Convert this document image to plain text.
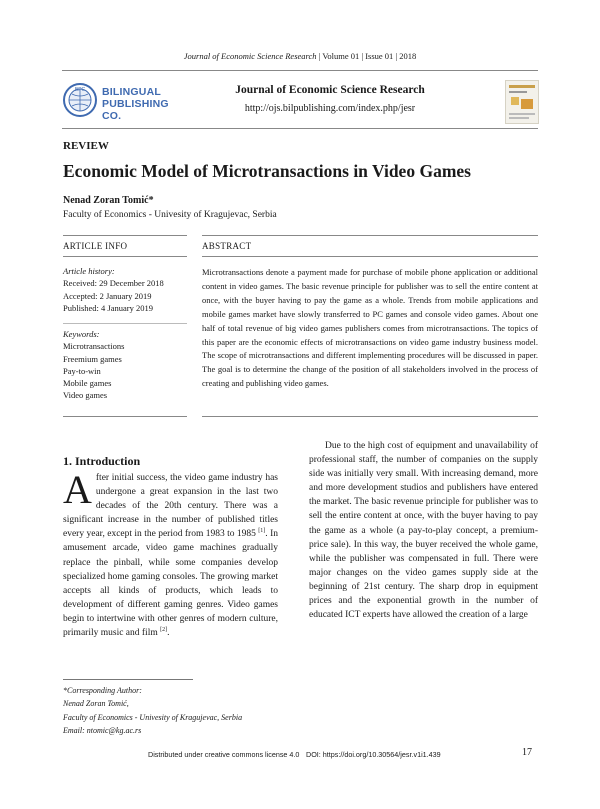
Journal of Economic Science Research | Volume 01 | Issue 01 | 2018
BPC BILINGUAL
PUBLISHING CO.
Journal of Economic Science Research
http://ojs.bilpublishing.com/index.php/jesr
REVIEW
Economic Model of Microtransactions in Video Games
Nenad Zoran Tomić*
Faculty of Economics - Univesity of Kragujevac, Serbia
ARTICLE INFO	ABSTRACT
Article history:
Received: 29 December 2018
Accepted: 2 January 2019
Published: 4 January 2019
Keywords:
Microtransactions
Freemium games
Pay-to-win
Mobile games
Video games
Microtransactions denote a payment made for purchase of mobile phone application or additional content in video games. The basic revenue principle for publisher was to sell the entire content at once, with the buyer having to pay the game as a whole. Trends from mobile applications and mobile games market have slowly transferred to PC games and console video games. About one half of total revenue of big video games publishers comes from microtransactions. The topics of this paper are the economic effects of microtransactions on video game industry business model. The scope of microtransactions and different implementing procedures will be discussed in paper. The goal is to determine the change of the position of all stakeholders involved in the process of creating and publishing video games.
1. Introduction

After initial success, the video game industry has undergone a great expansion in the last two decades of the 20th century. There was a significant increase in the number of published titles every year, except in the period from 1983 to 1985 [1]. In amusement arcade, video game machines gradually replace the pinball, while some companies develop specialized home gaming consoles. The growing market accepts all kinds of products, which leads to development of different gaming genres. Video games begin to intertwine with other genres of modern culture, primarily music and film [2].

Due to the high cost of equipment and unavailability of professional staff, the number of companies on the supply side was initially very small. With increasing demand, more and more development studios and publishers have entered the market. The basic revenue principle for publisher was to sell the entire content at once, with the buyer having to pay the game as a whole (a pay-to-play concept, a premium-price sale). In this way, the buyer received the whole game, while the publisher was compensated in full. There were major changes on the video games supply side at the beginning of 21st century. The sharp drop in equipment prices and the exponential growth in the number of educated ICT experts have allowed the creation of a large

*Corresponding Author:
Nenad Zoran Tomić,
Faculty of Economics - Univesity of Kragujevac, Serbia
Email: ntomic@kg.ac.rs
Distributed under creative commons license 4.0 DOI: https://doi.org/10.30564/jesr.v1i1.439	17
